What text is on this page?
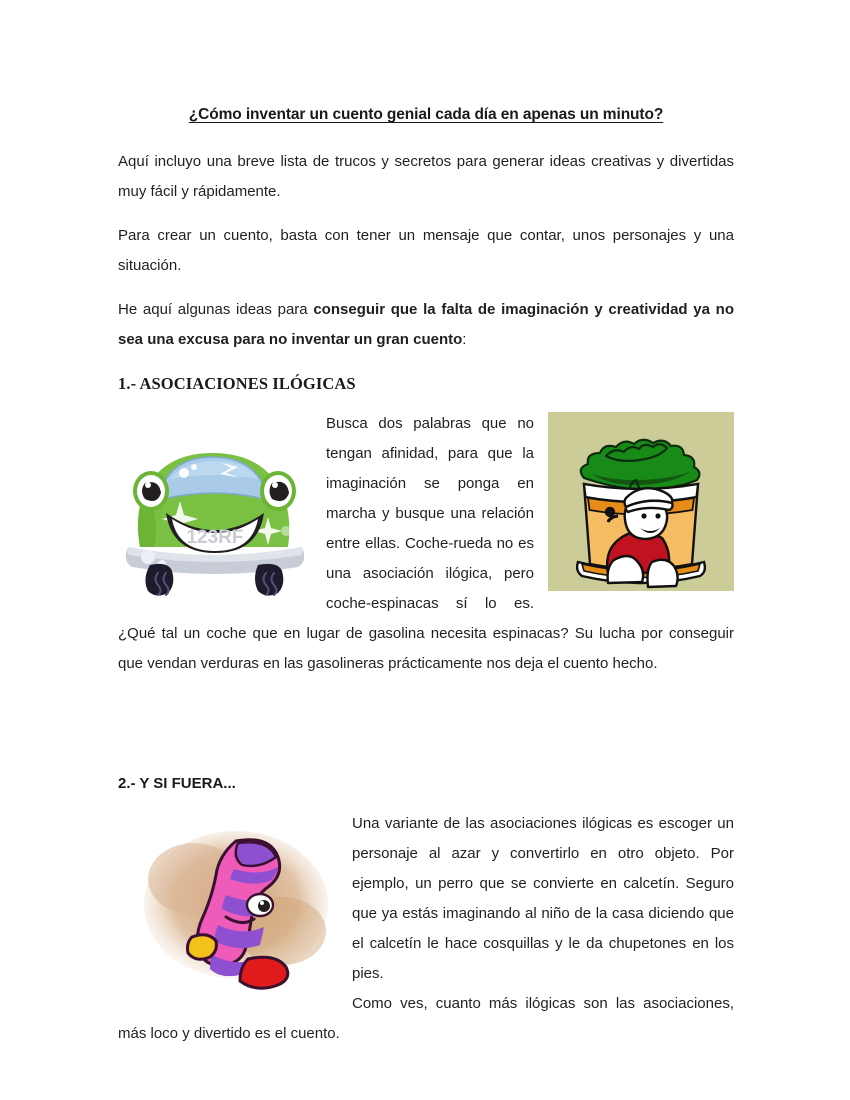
¿Cómo inventar un cuento genial cada día en apenas un minuto?

Aquí incluyo una breve lista de trucos y secretos para generar ideas creativas y divertidas muy fácil y rápidamente.

Para crear un cuento, basta con tener un mensaje que contar, unos personajes y una situación.

He aquí algunas ideas para conseguir que la falta de imaginación y creatividad ya no sea una excusa para no inventar un gran cuento:

1.- ASOCIACIONES ILÓGICAS
123RF

Busca dos palabras que no tengan afinidad, para que la imaginación se ponga en marcha y busque una relación entre ellas. Coche-rueda no es una asociación ilógica, pero coche-espinacas sí lo es. ¿Qué tal un coche que en lugar de gasolina necesita espinacas? Su lucha por conseguir que vendan verduras en las gasolineras prácticamente nos deja el cuento hecho.

2.- Y SI FUERA...

Una variante de las asociaciones ilógicas es escoger un personaje al azar y convertirlo en otro objeto. Por ejemplo, un perro que se convierte en calcetín. Seguro que ya estás imaginando al niño de la casa diciendo que el calcetín le hace cosquillas y le da chupetones en los pies.

Como ves, cuanto más ilógicas son las asociaciones, más loco y divertido es el cuento.
